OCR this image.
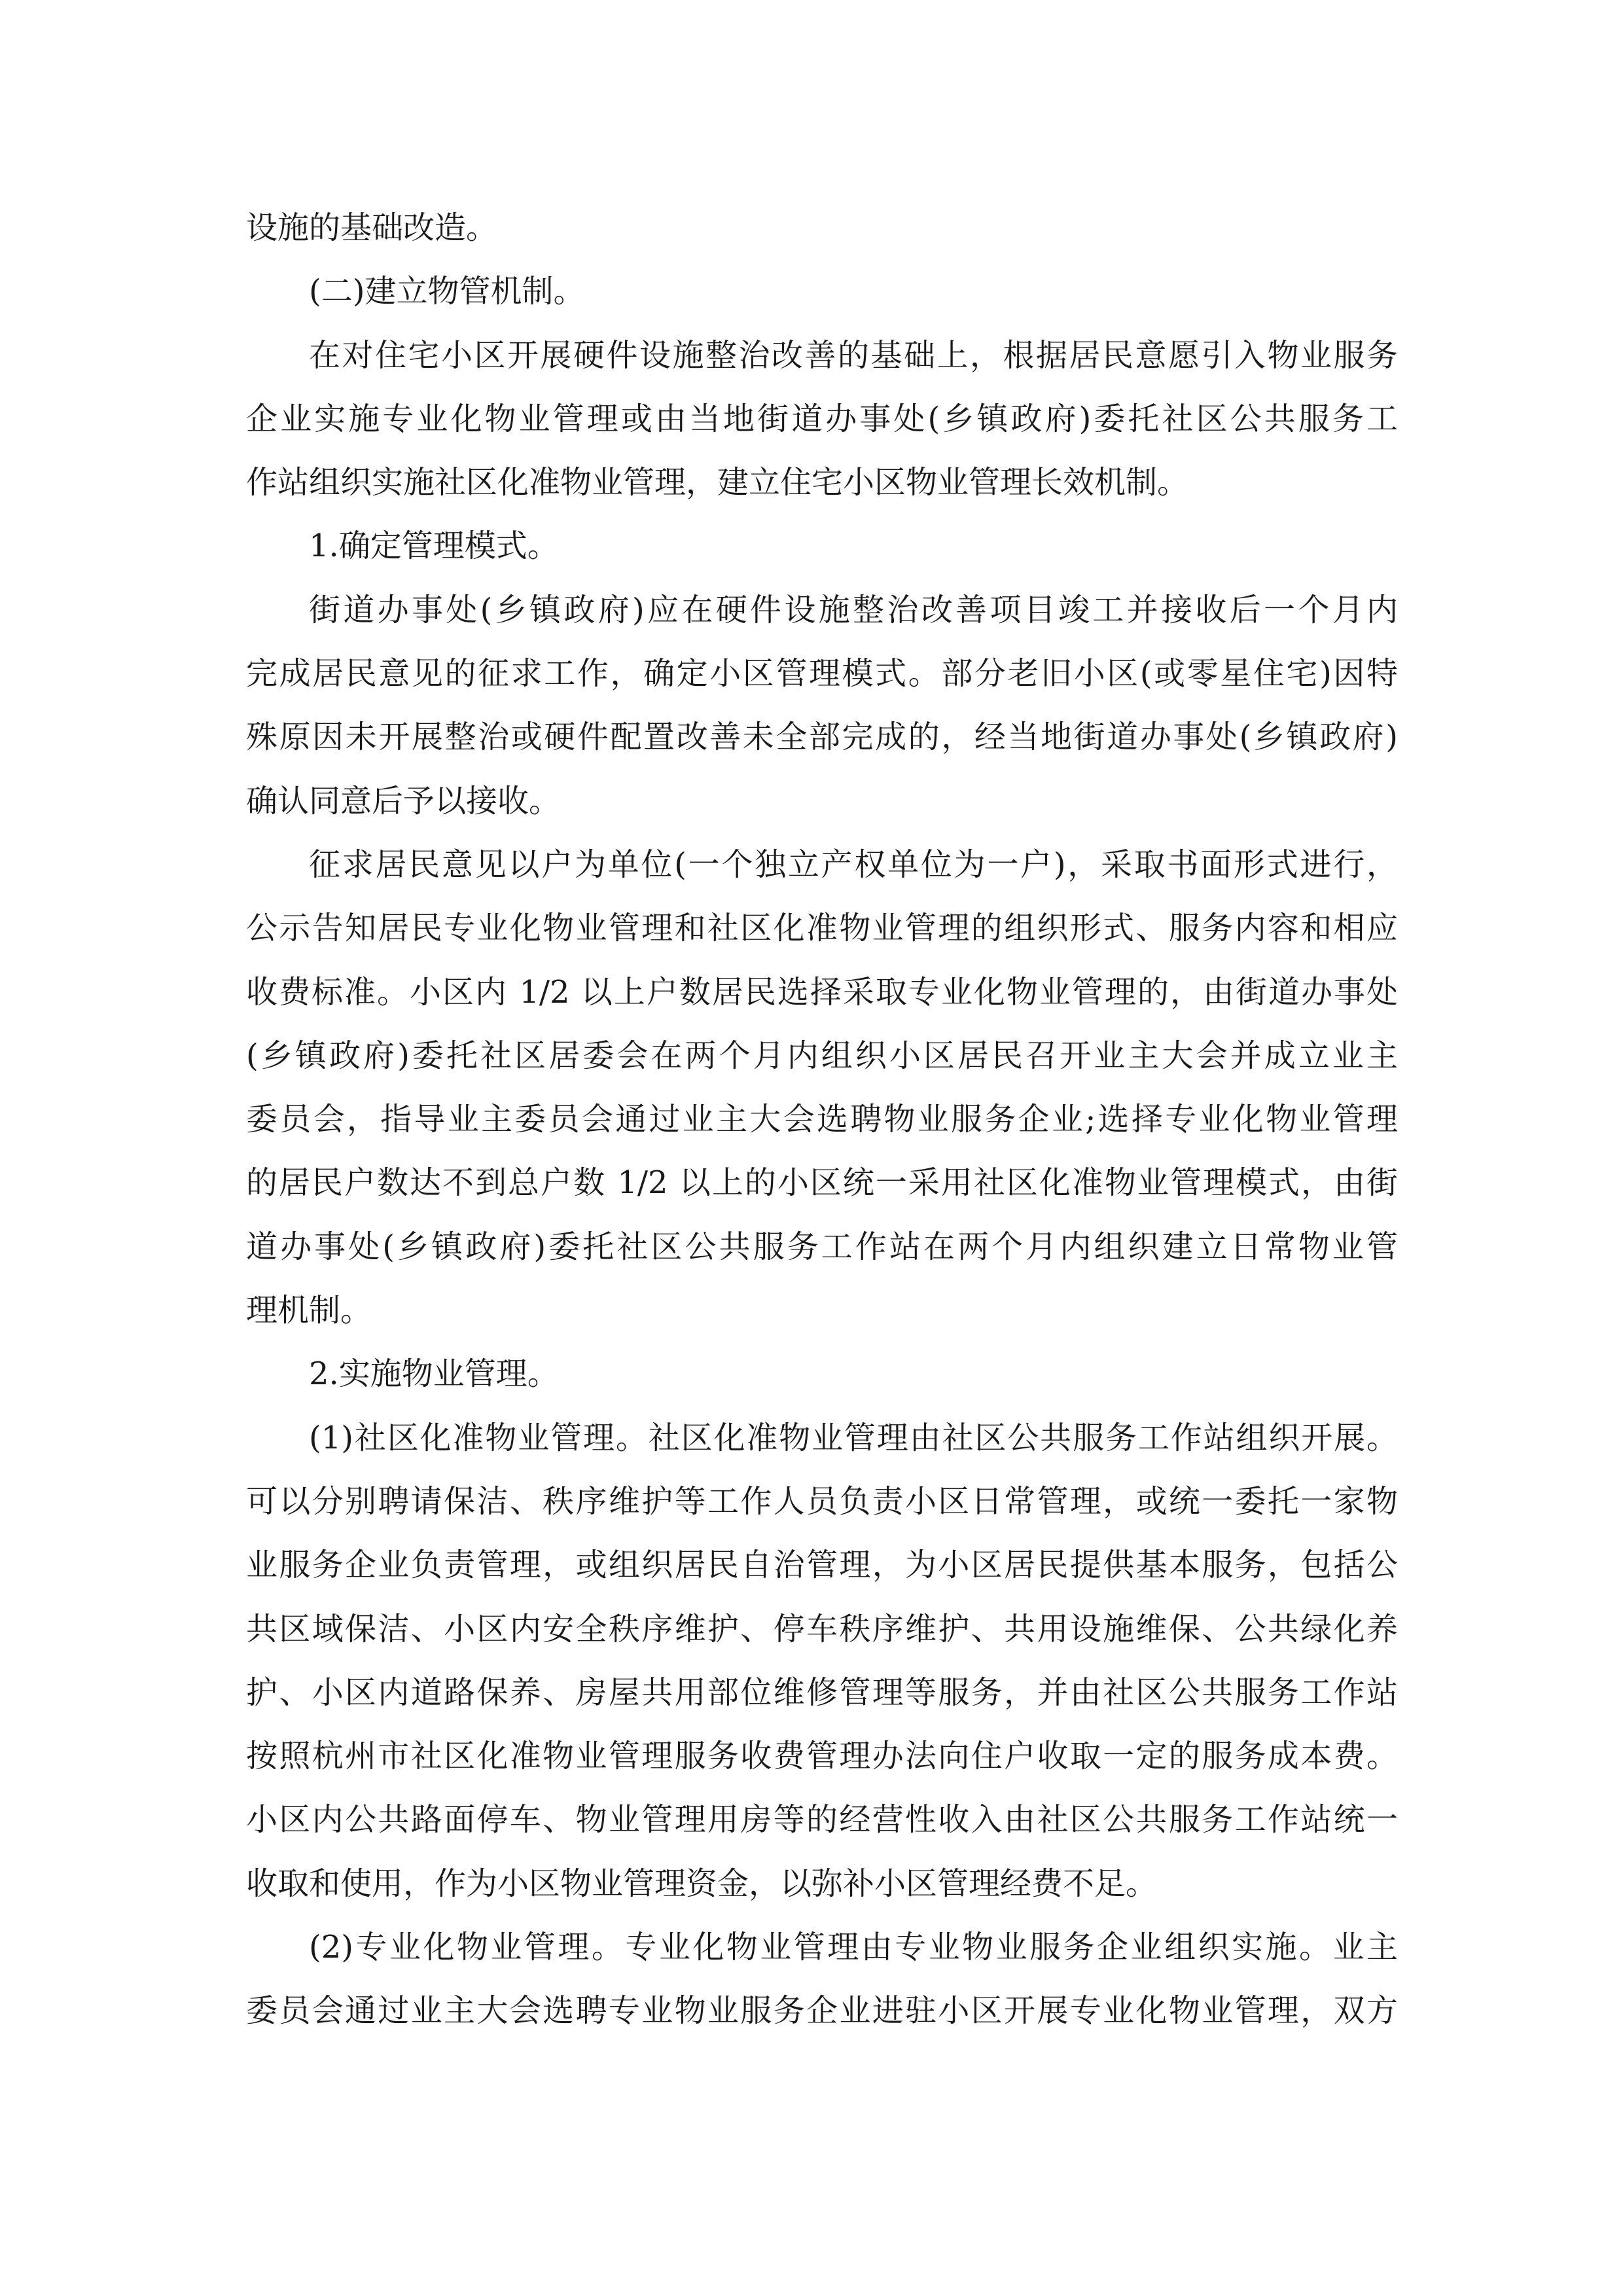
设施的基础改造。
(二)建立物管机制。
在对住宅小区开展硬件设施整治改善的基础上，根据居民意愿引入物业服务
企业实施专业化物业管理或由当地街道办事处(乡镇政府)委托社区公共服务工
作站组织实施社区化准物业管理，建立住宅小区物业管理长效机制。
1.确定管理模式。
街道办事处(乡镇政府)应在硬件设施整治改善项目竣工并接收后一个月内
完成居民意见的征求工作，确定小区管理模式。部分老旧小区(或零星住宅)因特
殊原因未开展整治或硬件配置改善未全部完成的，经当地街道办事处(乡镇政府)
确认同意后予以接收。
征求居民意见以户为单位(一个独立产权单位为一户)，采取书面形式进行，
公示告知居民专业化物业管理和社区化准物业管理的组织形式、服务内容和相应
收费标准。小区内 1/2 以上户数居民选择采取专业化物业管理的，由街道办事处
(乡镇政府)委托社区居委会在两个月内组织小区居民召开业主大会并成立业主
委员会，指导业主委员会通过业主大会选聘物业服务企业;选择专业化物业管理
的居民户数达不到总户数 1/2 以上的小区统一采用社区化准物业管理模式，由街
道办事处(乡镇政府)委托社区公共服务工作站在两个月内组织建立日常物业管
理机制。
2.实施物业管理。
(1)社区化准物业管理。社区化准物业管理由社区公共服务工作站组织开展。
可以分别聘请保洁、秩序维护等工作人员负责小区日常管理，或统一委托一家物
业服务企业负责管理，或组织居民自治管理，为小区居民提供基本服务，包括公
共区域保洁、小区内安全秩序维护、停车秩序维护、共用设施维保、公共绿化养
护、小区内道路保养、房屋共用部位维修管理等服务，并由社区公共服务工作站
按照杭州市社区化准物业管理服务收费管理办法向住户收取一定的服务成本费。
小区内公共路面停车、物业管理用房等的经营性收入由社区公共服务工作站统一
收取和使用，作为小区物业管理资金，以弥补小区管理经费不足。
(2)专业化物业管理。专业化物业管理由专业物业服务企业组织实施。业主
委员会通过业主大会选聘专业物业服务企业进驻小区开展专业化物业管理，双方
